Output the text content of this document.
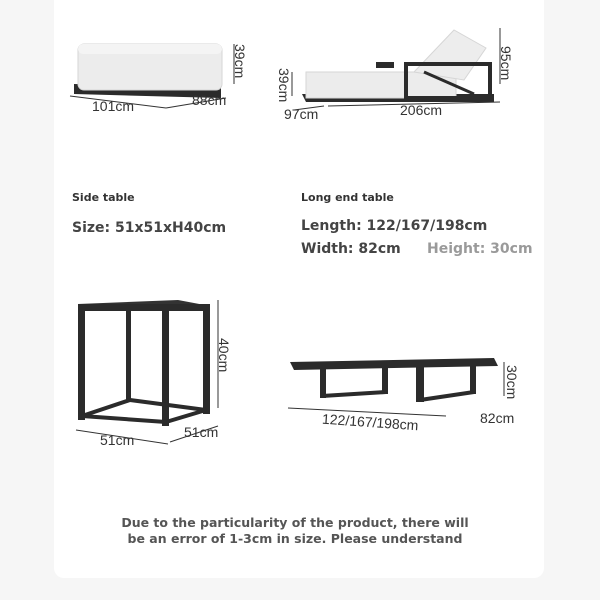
39cm
101cm	88cm
95cm
39cm
97cm	206cm
Side table	Long end table
Size: 51x51xH40cm	Length: 122/167/198cm
Width: 82cm Height: 30cm
40cm
51cm	51cm
30cm
122/167/198cm	82cm
Due to the particularity of the product, there will
be an error of 1-3cm in size. Please understand
